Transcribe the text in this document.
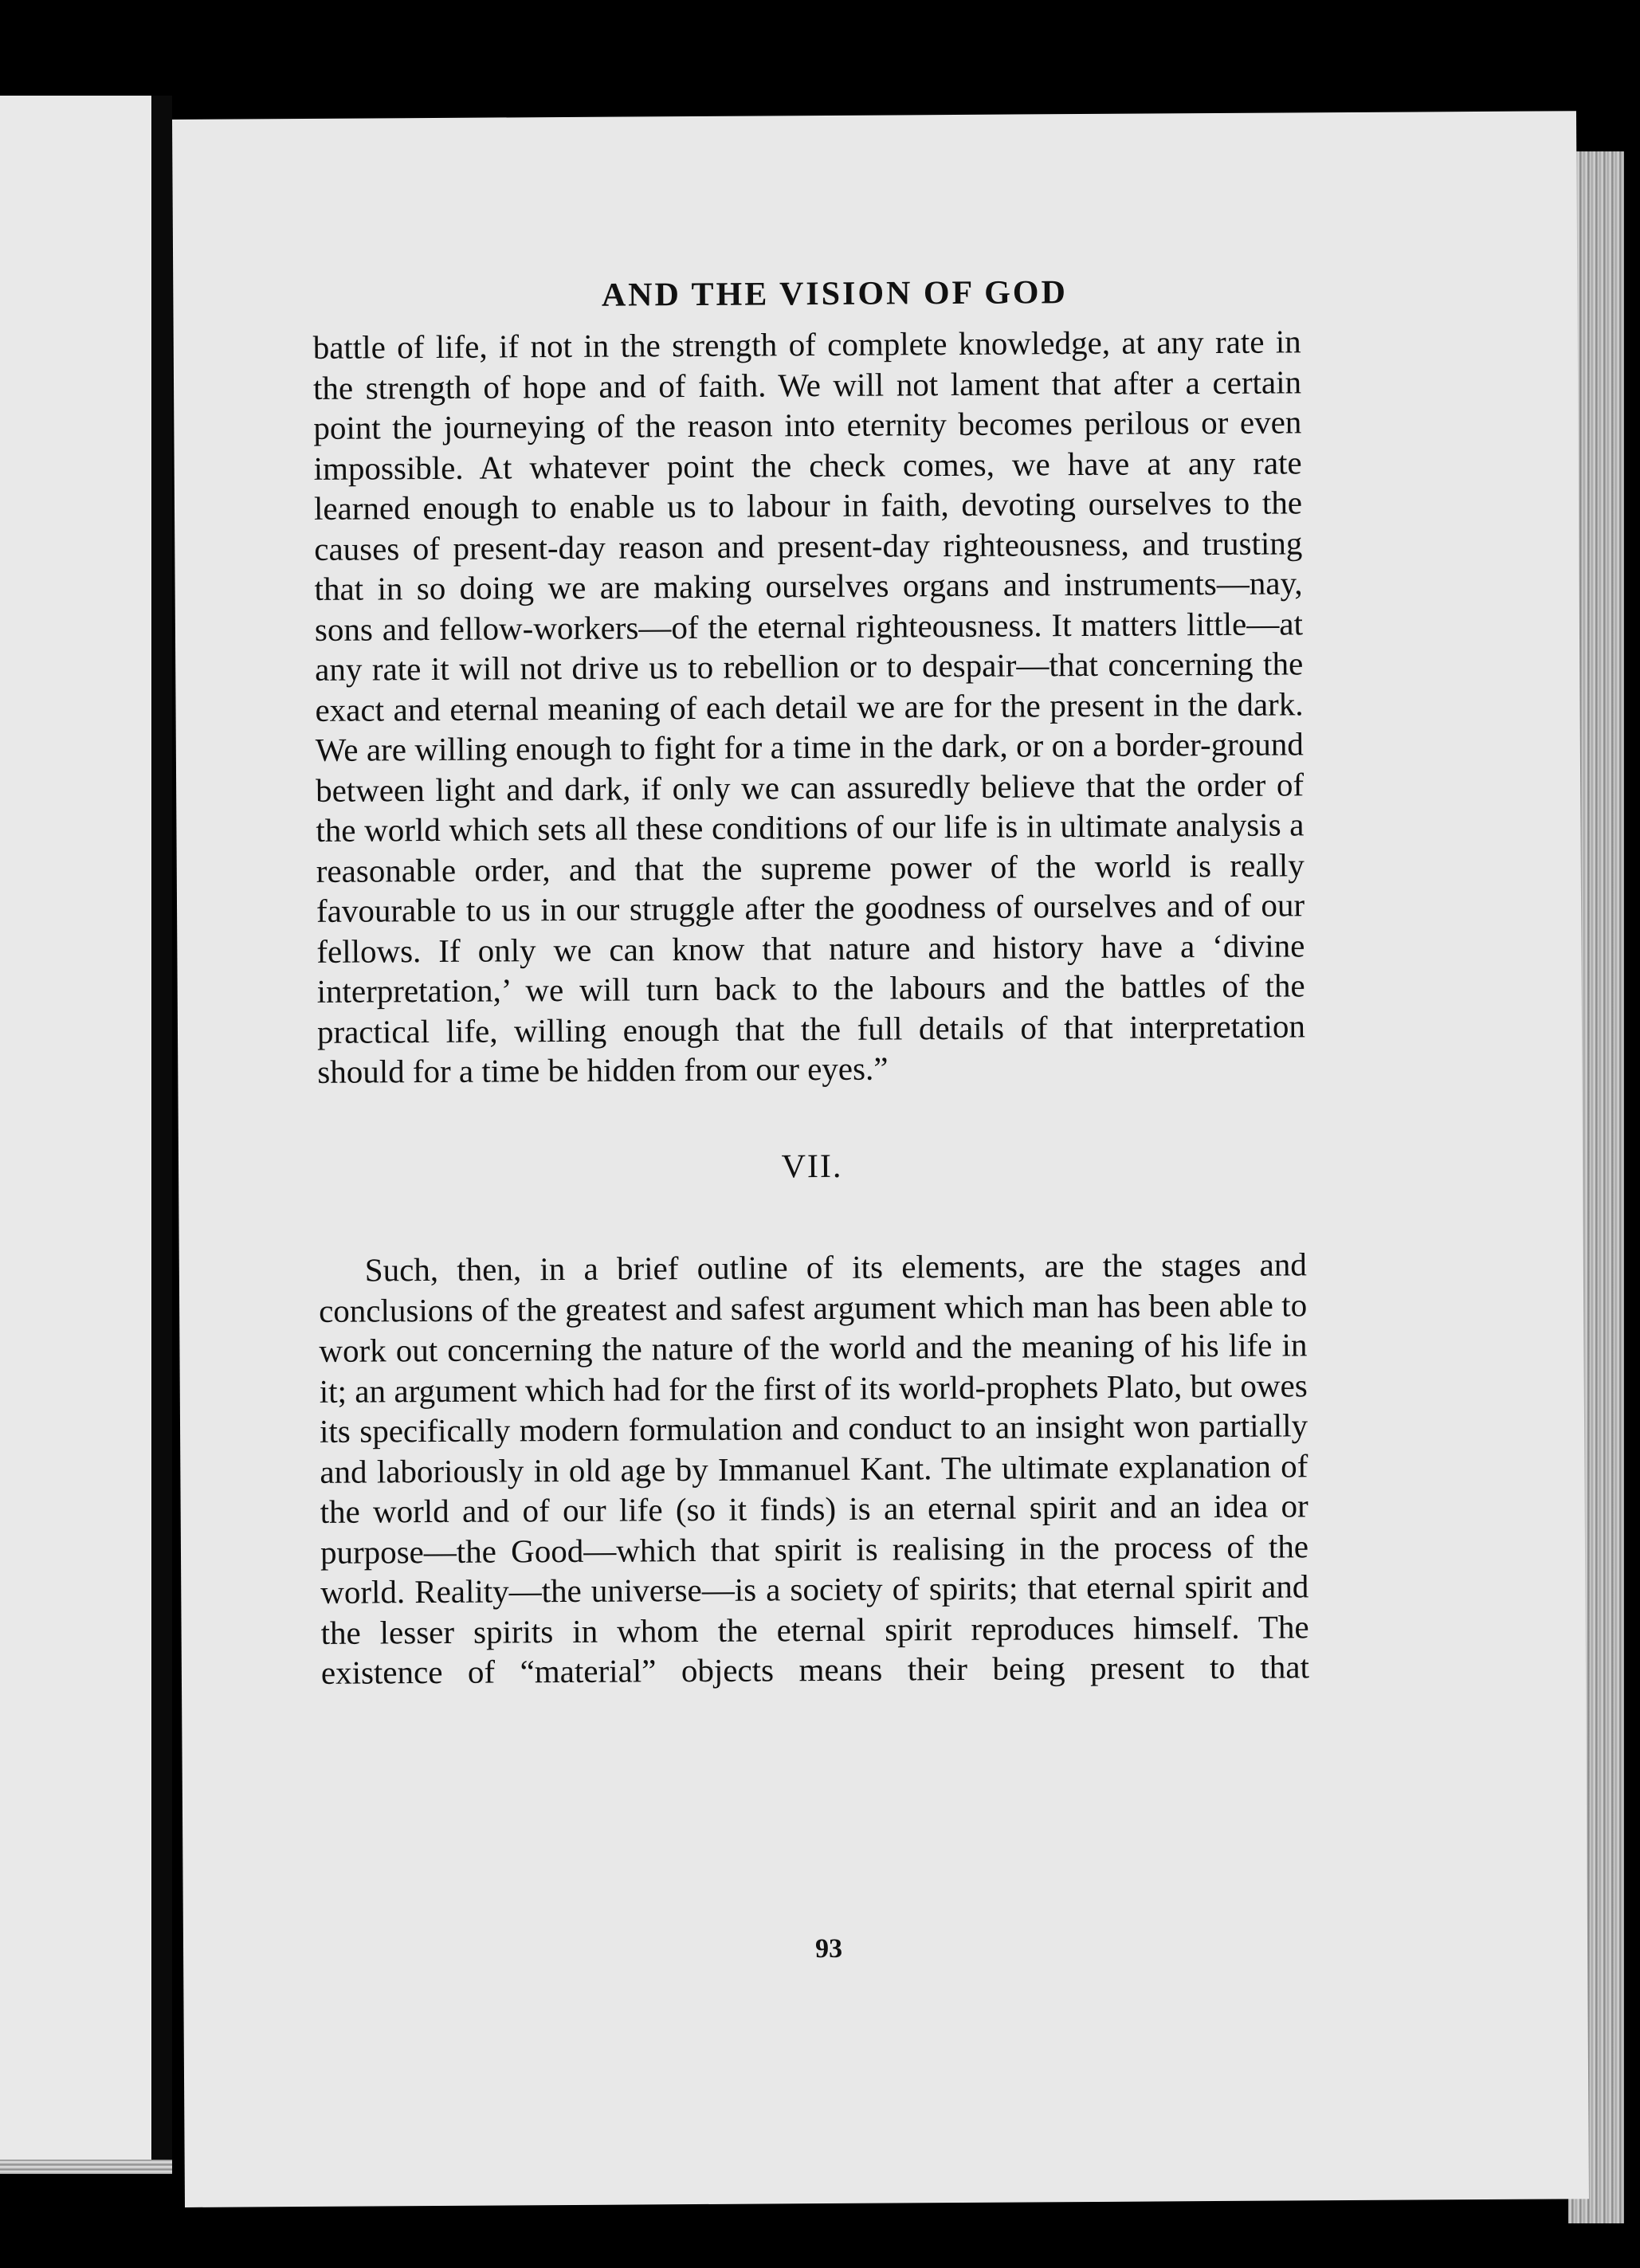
AND THE VISION OF GOD

battle of life, if not in the strength of complete knowledge, at any rate in the strength of hope and of faith. We will not lament that after a certain point the journeying of the reason into eternity becomes perilous or even impossible. At whatever point the check comes, we have at any rate learned enough to enable us to labour in faith, devoting ourselves to the causes of present-day reason and present-day righteousness, and trusting that in so doing we are making ourselves organs and instruments—nay, sons and fellow-workers—of the eternal righteousness. It matters little—at any rate it will not drive us to rebellion or to despair—that concerning the exact and eternal meaning of each detail we are for the present in the dark. We are willing enough to fight for a time in the dark, or on a border-ground between light and dark, if only we can assuredly believe that the order of the world which sets all these conditions of our life is in ultimate analysis a reasonable order, and that the supreme power of the world is really favourable to us in our struggle after the goodness of ourselves and of our fellows. If only we can know that nature and history have a ‘divine interpretation,’ we will turn back to the labours and the battles of the practical life, willing enough that the full details of that interpretation should for a time be hidden from our eyes.”

VII.

Such, then, in a brief outline of its elements, are the stages and conclusions of the greatest and safest argument which man has been able to work out concerning the nature of the world and the meaning of his life in it; an argument which had for the first of its world-prophets Plato, but owes its specifically modern formulation and conduct to an insight won partially and laboriously in old age by Immanuel Kant. The ultimate explanation of the world and of our life (so it finds) is an eternal spirit and an idea or purpose—the Good—which that spirit is realising in the process of the world. Reality—the universe—is a society of spirits; that eternal spirit and the lesser spirits in whom the eternal spirit reproduces himself. The existence of “material” objects means their being present to that

93
